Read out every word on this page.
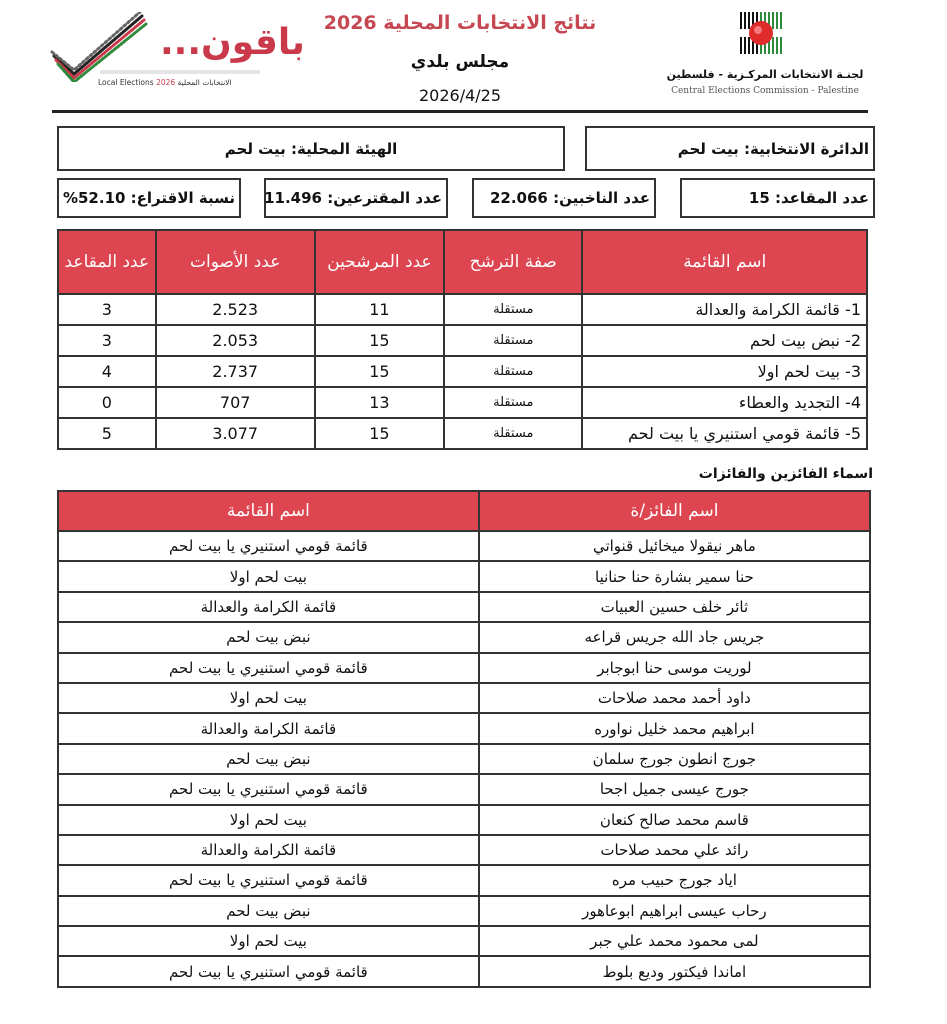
باقون...
Local Elections 2026 الانتخابات المحلية
نتائج الانتخابات المحلية 2026
مجلس بلدي
2026/4/25
لجنـة الانتخابات المركـزية - فلسطين
Central Elections Commission - Palestine
الدائرة الانتخابية: بيت لحم
الهيئة المحلية: بيت لحم
عدد المقاعد: 15
عدد الناخبين: 22.066
عدد المقترعين: 11.496
نسبة الاقتراع: 52.10%
اسم القائمة	صفة الترشح	عدد المرشحين	عدد الأصوات	عدد المقاعد
1- قائمة الكرامة والعدالة	مستقلة	11	2.523	3
2- نبض بيت لحم	مستقلة	15	2.053	3
3- بيت لحم اولا	مستقلة	15	2.737	4
4- التجديد والعطاء	مستقلة	13	707	0
5- قائمة قومي استنيري يا بيت لحم	مستقلة	15	3.077	5
اسماء الفائزين والفائزات
اسم الفائز/ة	اسم القائمة
ماهر نيقولا ميخائيل قنواتي	قائمة قومي استنيري يا بيت لحم
حنا سمير بشارة حنا حنانيا	بيت لحم اولا
ثائر خلف حسين العبيات	قائمة الكرامة والعدالة
جريس جاد الله جريس قراعه	نبض بيت لحم
لوريت موسى حنا ابوجابر	قائمة قومي استنيري يا بيت لحم
داود أحمد محمد صلاحات	بيت لحم اولا
ابراهيم محمد خليل نواوره	قائمة الكرامة والعدالة
جورج انطون جورج سلمان	نبض بيت لحم
جورج عيسى جميل اجحا	قائمة قومي استنيري يا بيت لحم
قاسم محمد صالح كنعان	بيت لحم اولا
رائد علي محمد صلاحات	قائمة الكرامة والعدالة
اياد جورج حبيب مره	قائمة قومي استنيري يا بيت لحم
رحاب عيسى ابراهيم ابوعاهور	نبض بيت لحم
لمى محمود محمد علي جبر	بيت لحم اولا
اماندا فيكتور وديع بلوط	قائمة قومي استنيري يا بيت لحم
